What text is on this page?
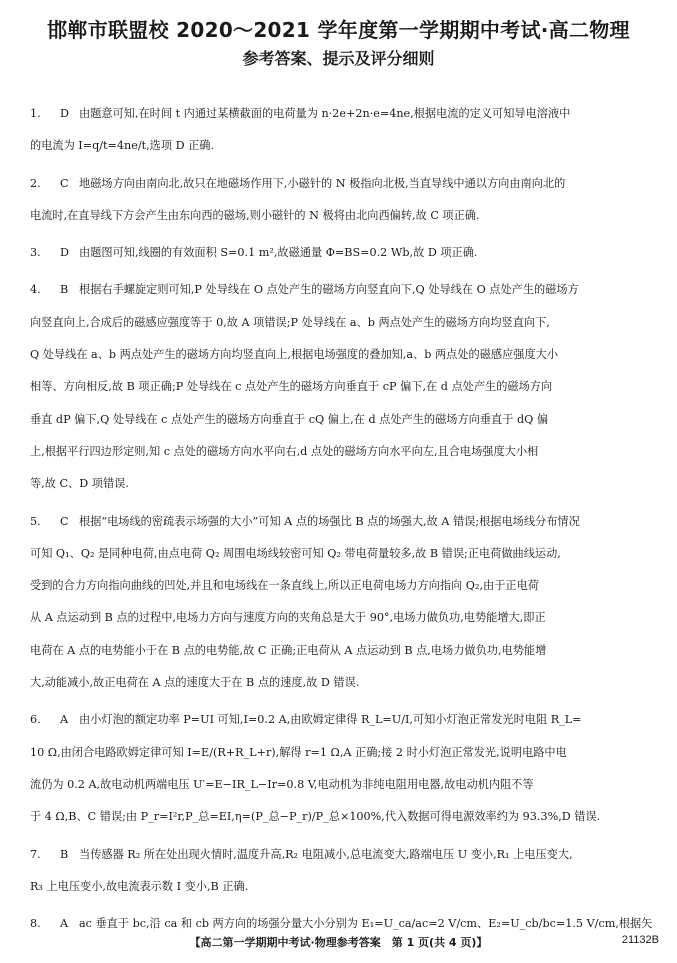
邯郸市联盟校 2020～2021 学年度第一学期期中考试·高二物理
参考答案、提示及评分细则

1. D 由题意可知,在时间 t 内通过某横截面的电荷量为 n·2e+2n·e=4ne,根据电流的定义可知导电溶液中

的电流为 I=q/t=4ne/t,选项 D 正确.

2. C 地磁场方向由南向北,故只在地磁场作用下,小磁针的 N 极指向北极,当直导线中通以方向由南向北的

电流时,在直导线下方会产生由东向西的磁场,则小磁针的 N 极将由北向西偏转,故 C 项正确.

3. D 由题图可知,线圈的有效面积 S=0.1 m²,故磁通量 Φ=BS=0.2 Wb,故 D 项正确.

4. B 根据右手螺旋定则可知,P 处导线在 O 点处产生的磁场方向竖直向下,Q 处导线在 O 点处产生的磁场方

向竖直向上,合成后的磁感应强度等于 0,故 A 项错误;P 处导线在 a、b 两点处产生的磁场方向均竖直向下,

Q 处导线在 a、b 两点处产生的磁场方向均竖直向上,根据电场强度的叠加知,a、b 两点处的磁感应强度大小

相等、方向相反,故 B 项正确;P 处导线在 c 点处产生的磁场方向垂直于 cP 偏下,在 d 点处产生的磁场方向

垂直 dP 偏下,Q 处导线在 c 点处产生的磁场方向垂直于 cQ 偏上,在 d 点处产生的磁场方向垂直于 dQ 偏

上,根据平行四边形定则,知 c 点处的磁场方向水平向右,d 点处的磁场方向水平向左,且合电场强度大小相

等,故 C、D 项错误.

5. C 根据“电场线的密疏表示场强的大小”可知 A 点的场强比 B 点的场强大,故 A 错误;根据电场线分布情况

可知 Q₁、Q₂ 是同种电荷,由点电荷 Q₂ 周围电场线较密可知 Q₂ 带电荷量较多,故 B 错误;正电荷做曲线运动,

受到的合力方向指向曲线的凹处,并且和电场线在一条直线上,所以正电荷电场力方向指向 Q₂,由于正电荷

从 A 点运动到 B 点的过程中,电场力方向与速度方向的夹角总是大于 90°,电场力做负功,电势能增大,即正

电荷在 A 点的电势能小于在 B 点的电势能,故 C 正确;正电荷从 A 点运动到 B 点,电场力做负功,电势能增

大,动能减小,故正电荷在 A 点的速度大于在 B 点的速度,故 D 错误.

6. A 由小灯泡的额定功率 P=UI 可知,I=0.2 A,由欧姆定律得 R_L=U/I,可知小灯泡正常发光时电阻 R_L=

10 Ω,由闭合电路欧姆定律可知 I=E/(R+R_L+r),解得 r=1 Ω,A 正确;接 2 时小灯泡正常发光,说明电路中电

流仍为 0.2 A,故电动机两端电压 U′=E−IR_L−Ir=0.8 V,电动机为非纯电阻用电器,故电动机内阻不等

于 4 Ω,B、C 错误;由 P_r=I²r,P_总=EI,η=(P_总−P_r)/P_总×100%,代入数据可得电源效率约为 93.3%,D 错误.

7. B 当传感器 R₂ 所在处出现火情时,温度升高,R₂ 电阻减小,总电流变大,路端电压 U 变小,R₁ 上电压变大,

R₃ 上电压变小,故电流表示数 I 变小,B 正确.

8. A ac 垂直于 bc,沿 ca 和 cb 两方向的场强分量大小分别为 E₁=U_ca/ac=2 V/cm、E₂=U_cb/bc=1.5 V/cm,根据矢

【高二第一学期期中考试·物理参考答案　第 1 页(共 4 页)】	21132B
